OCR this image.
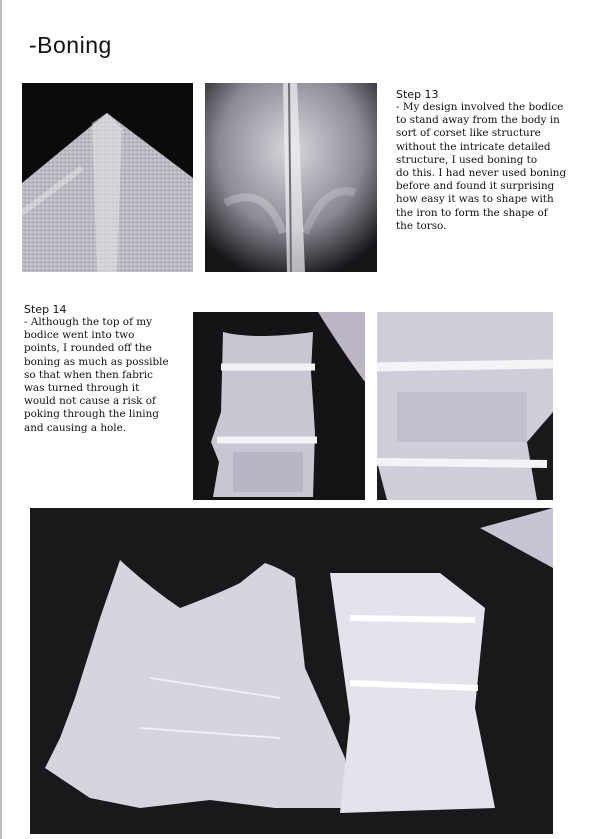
-Boning
Step 13
- My design involved the bodice
to stand away from the body in
sort of corset like structure
without the intricate detailed
structure, I used boning to
do this. I had never used boning
before and found it surprising
how easy it was to shape with
the iron to form the shape of
the torso.
Step 14
- Although the top of my
bodice went into two
points, I rounded off the
boning as much as possible
so that when then fabric
was turned through it
would not cause a risk of
poking through the lining
and causing a hole.
